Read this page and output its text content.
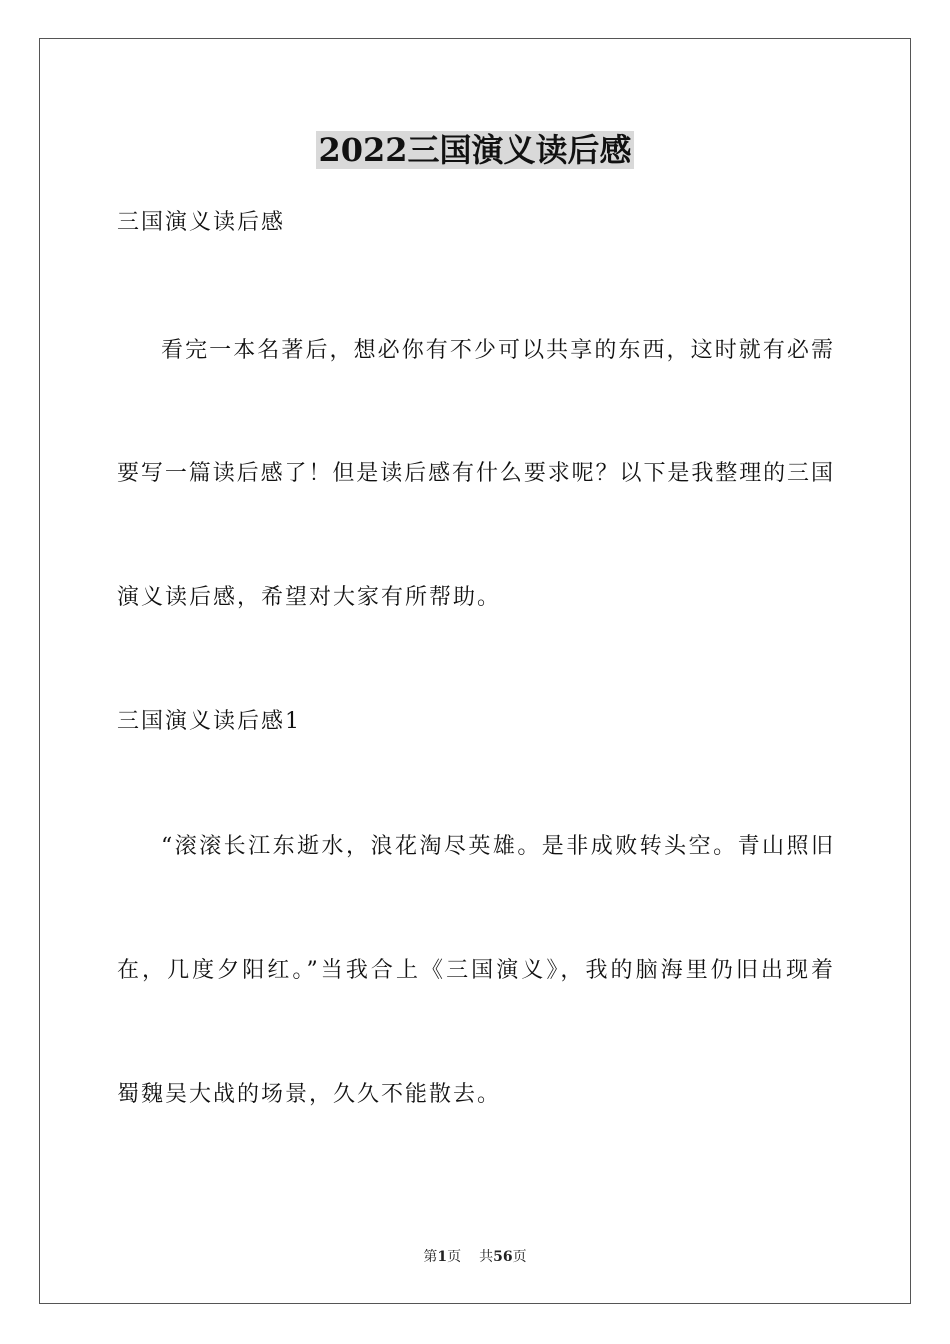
2022三国演义读后感
三国演义读后感
看完一本名著后，想必你有不少可以共享的东西，这时就有必需
要写一篇读后感了！但是读后感有什么要求呢？以下是我整理的三国
演义读后感，希望对大家有所帮助。
三国演义读后感1
“滚滚长江东逝水，浪花淘尽英雄。是非成败转头空。青山照旧
在，几度夕阳红。”当我合上《三国演义》，我的脑海里仍旧出现着
蜀魏吴大战的场景，久久不能散去。
第1页 共56页
